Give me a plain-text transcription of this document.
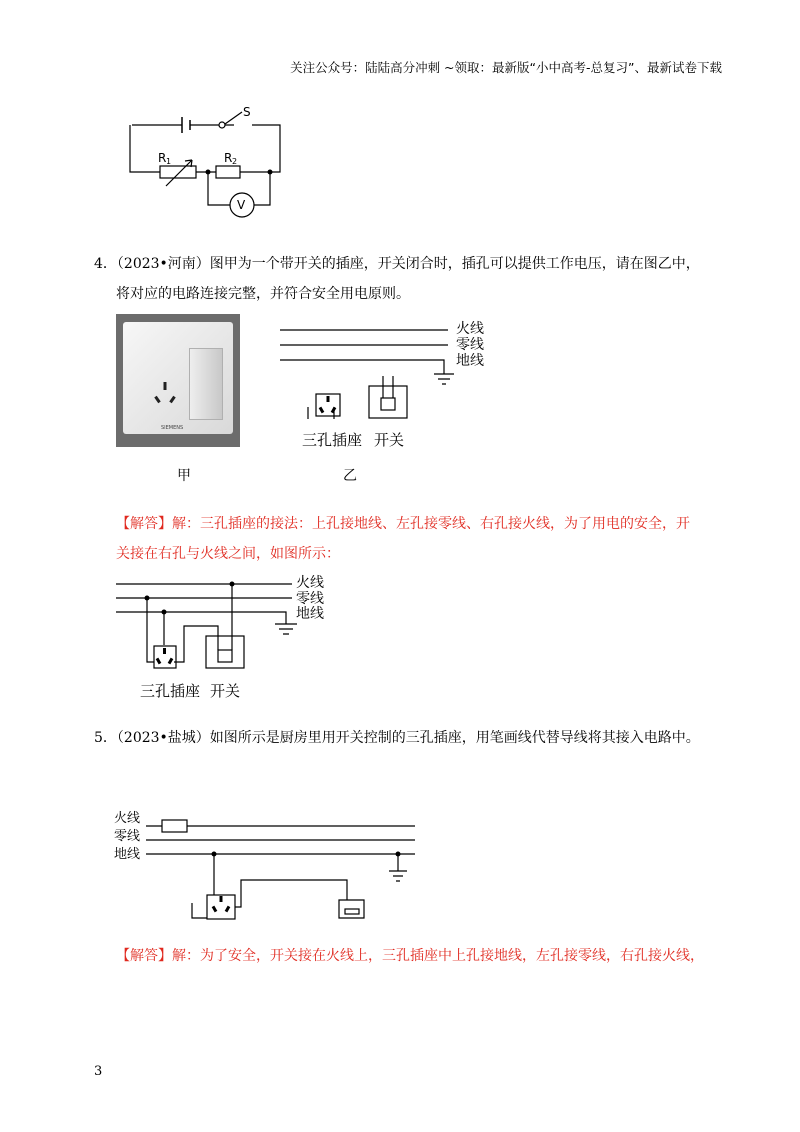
关注公众号：陆陆高分冲刺 ~领取：最新版“小中高考-总复习”、最新试卷下载
S
R 1	R 2
V
4．（2023•河南）图甲为一个带开关的插座，开关闭合时，插孔可以提供工作电压，请在图乙中，
将对应的电路连接完整，并符合安全用电原则。
SIEMENS
甲
火线
零线
地线
三孔插座 开关
乙
【解答】解：三孔插座的接法：上孔接地线、左孔接零线、右孔接火线，为了用电的安全，开
关接在右孔与火线之间，如图所示：
火线
零线
地线
三孔插座 开关
5．（2023•盐城）如图所示是厨房里用开关控制的三孔插座，用笔画线代替导线将其接入电路中。
火线
零线
地线
【解答】解：为了安全，开关接在火线上，三孔插座中上孔接地线，左孔接零线，右孔接火线，
3
